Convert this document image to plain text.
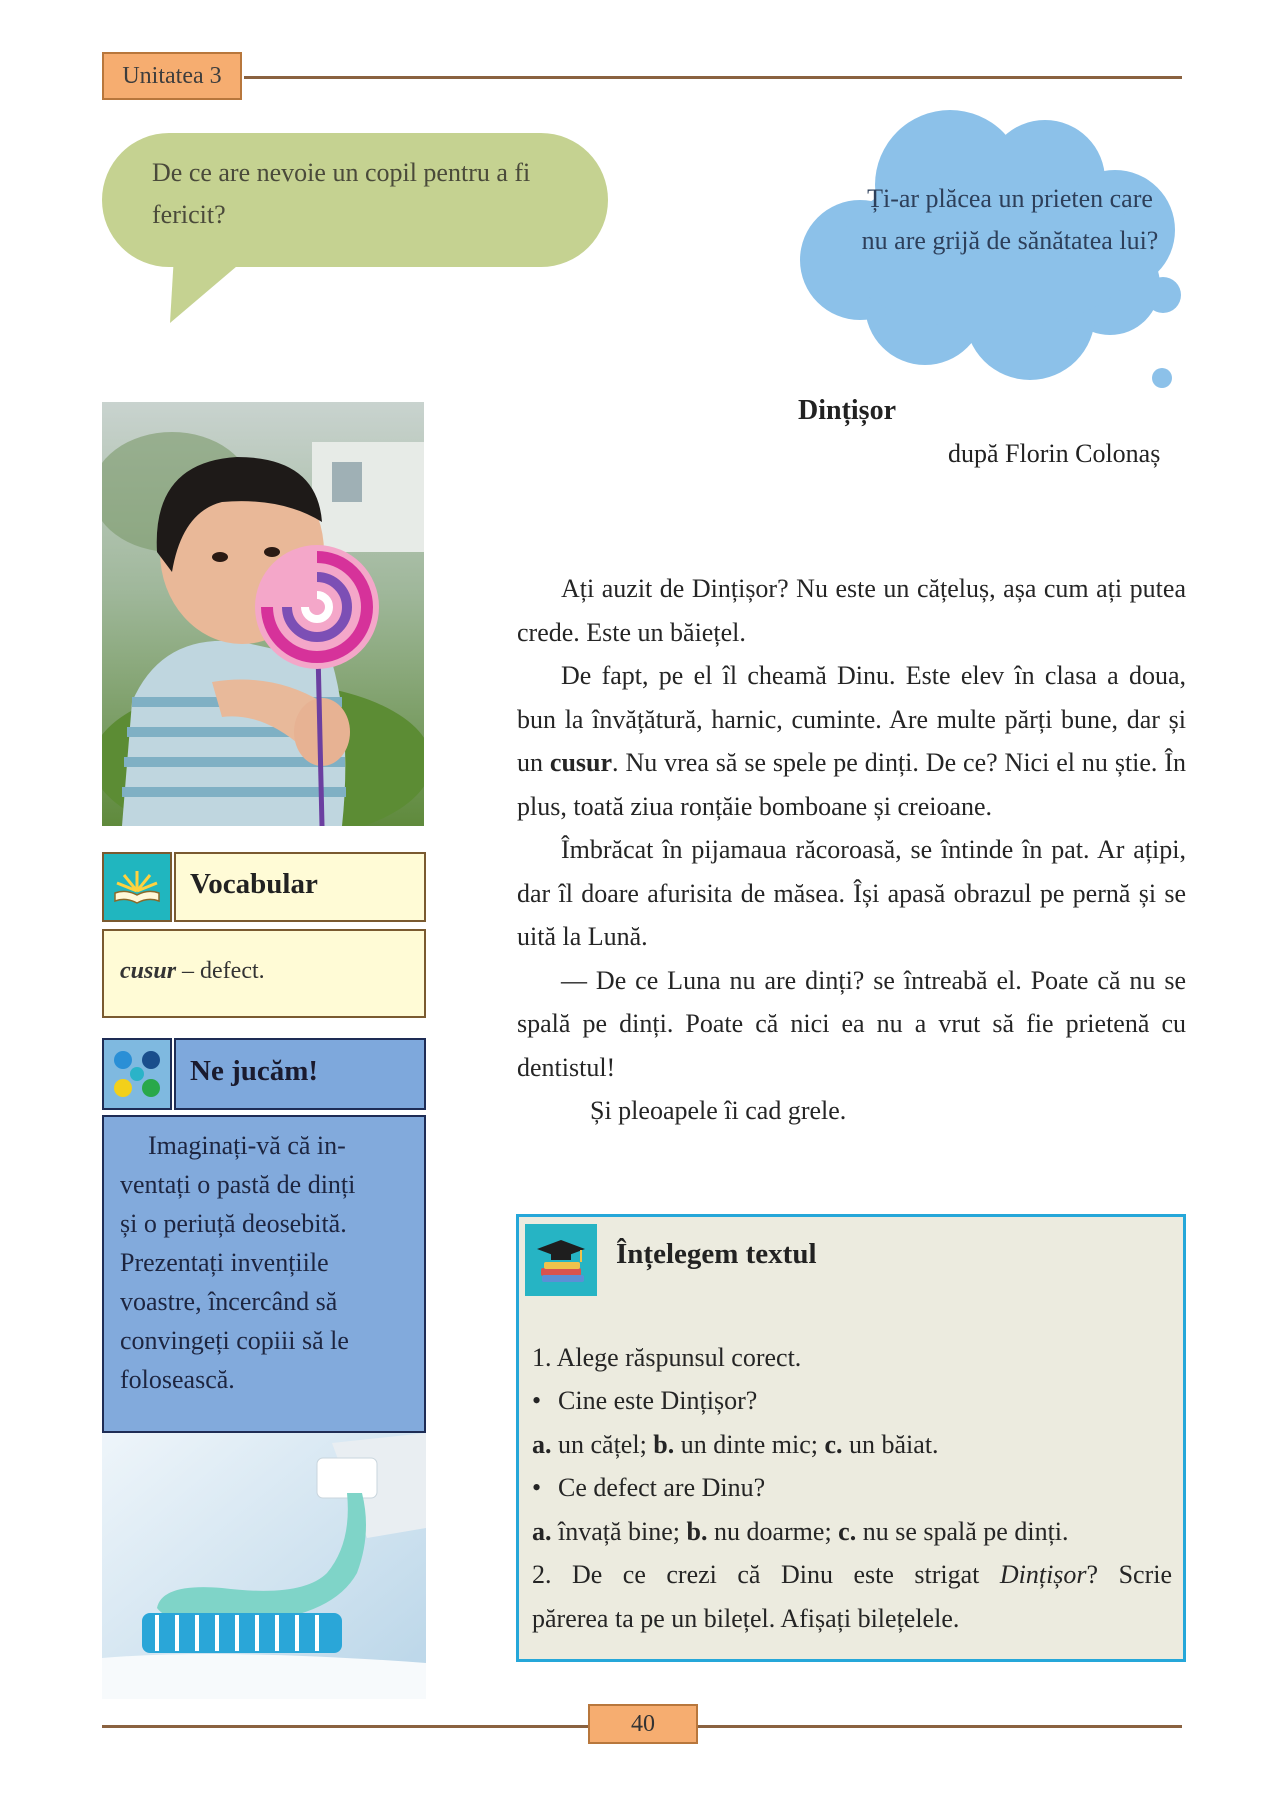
Unitatea 3
De ce are nevoie un copil pentru a fi fericit?
Ți-ar plăcea un prieten care nu are grijă de sănătatea lui?
Vocabular
cusur – defect.
Ne jucăm!
Imaginați-vă că in-
ventați o pastă de dinți
și o periuță deosebită.
Prezentați invențiile
voastre, încercând să
convingeți copiii să le
folosească.
Dințișor
după Florin Colonaș

Ați auzit de Dințișor? Nu este un cățeluș, așa cum ați putea crede. Este un băiețel.

De fapt, pe el îl cheamă Dinu. Este elev în clasa a doua, bun la învățătură, harnic, cuminte. Are multe părți bune, dar și un cusur. Nu vrea să se spele pe dinți. De ce? Nici el nu știe. În plus, toată ziua ronțăie bomboane și creioane.

Îmbrăcat în pijamaua răcoroasă, se întinde în pat. Ar ațipi, dar îl doare afurisita de măsea. Își apasă obrazul pe pernă și se uită la Lună.

— De ce Luna nu are dinți? se întreabă el. Poate că nu se spală pe dinți. Poate că nici ea nu a vrut să fie prietenă cu dentistul!

Și pleoapele îi cad grele.

Înțelegem textul
1. Alege răspunsul corect.
• Cine este Dințișor?
a. un cățel; b. un dinte mic; c. un băiat.
• Ce defect are Dinu?
a. învață bine; b. nu doarme; c. nu se spală pe dinți.
2. De ce crezi că Dinu este strigat Dințișor? Scrie
părerea ta pe un bilețel. Afișați bilețelele.
40
